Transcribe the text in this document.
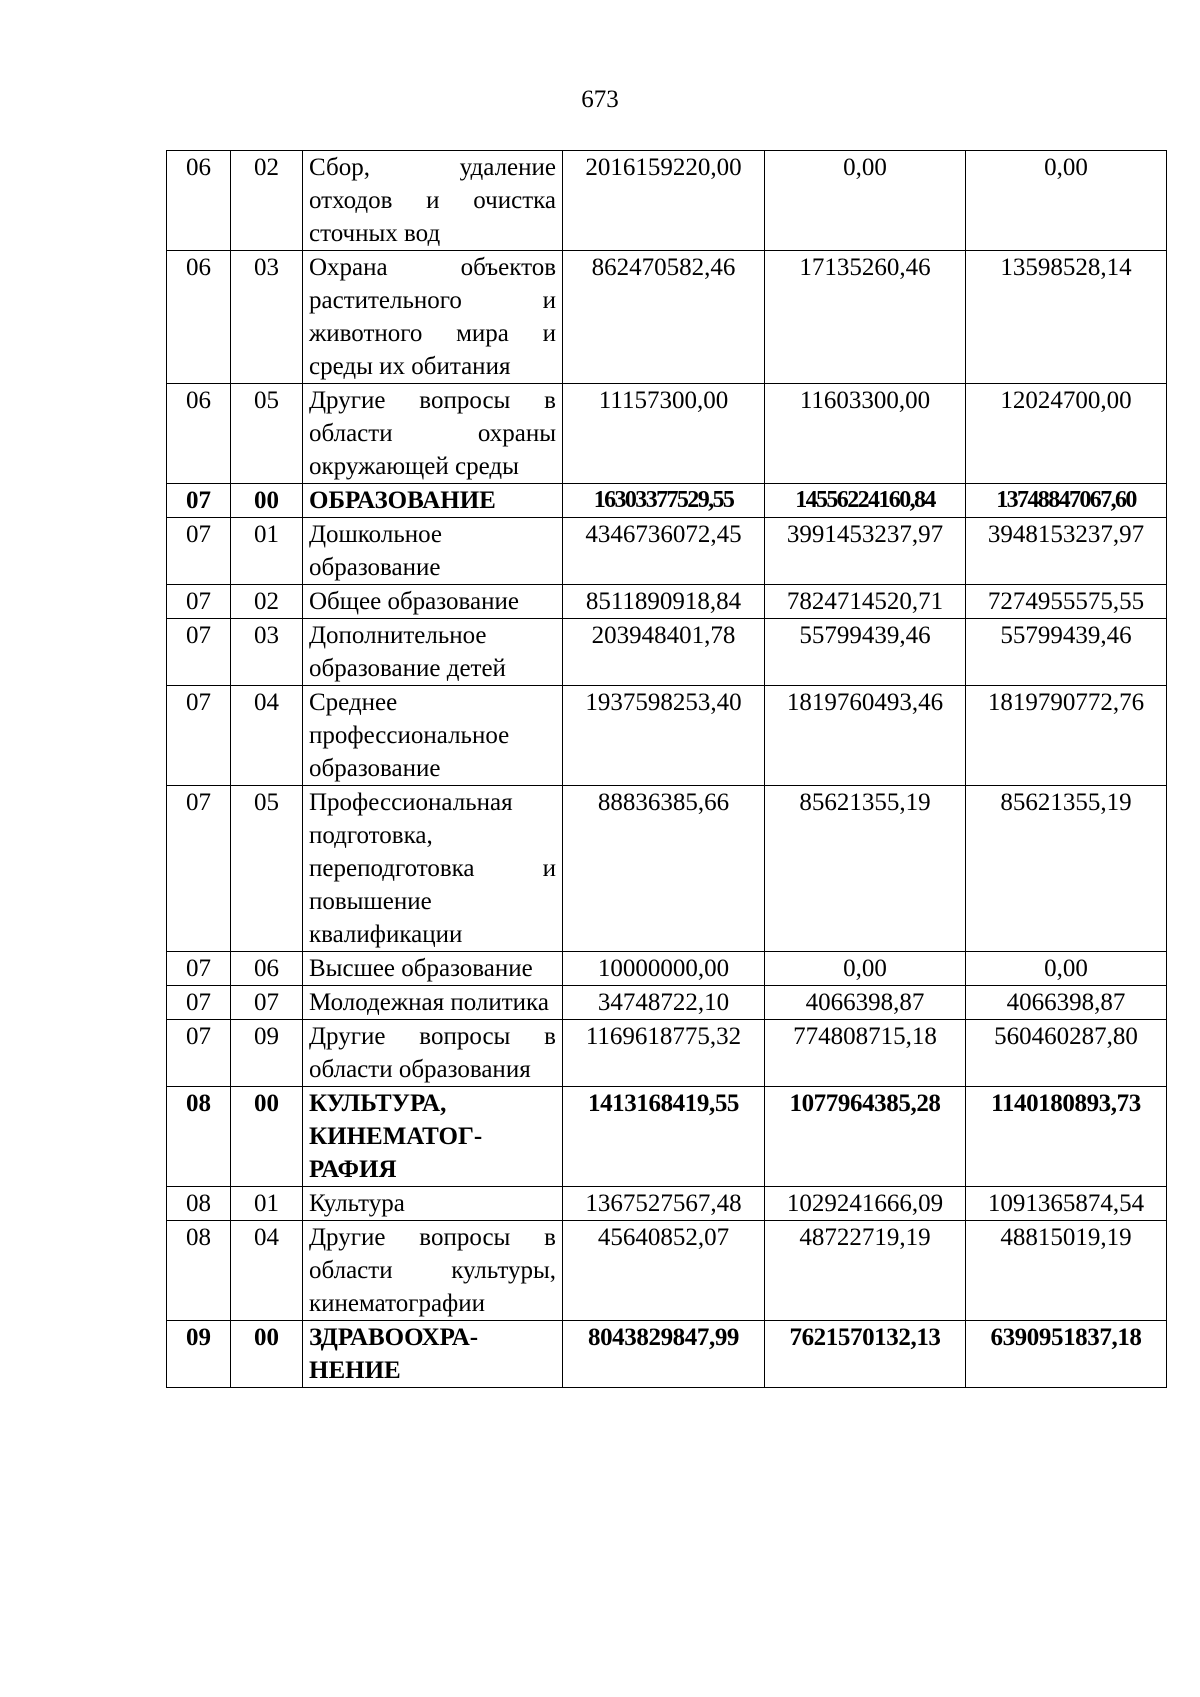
673
06	02	Сбор, удаление отходов и очистка сточных вод	2016159220,00	0,00	0,00
06	03	Охрана объектов растительного и животного мира и среды их обитания	862470582,46	17135260,46	13598528,14
06	05	Другие вопросы в области охраны окружающей среды	11157300,00	11603300,00	12024700,00
07	00	ОБРАЗОВАНИЕ	16303377529,55	14556224160,84	13748847067,60
07	01	Дошкольное образование	4346736072,45	3991453237,97	3948153237,97
07	02	Общее образование	8511890918,84	7824714520,71	7274955575,55
07	03	Дополнительное образование детей	203948401,78	55799439,46	55799439,46
07	04	Среднее профессиональное образование	1937598253,40	1819760493,46	1819790772,76
07	05	Профессиональная подготовка, переподготовка и повышение квалификации	88836385,66	85621355,19	85621355,19
07	06	Высшее образование	10000000,00	0,00	0,00
07	07	Молодежная политика	34748722,10	4066398,87	4066398,87
07	09	Другие вопросы в области образования	1169618775,32	774808715,18	560460287,80
08	00	КУЛЬТУРА, КИНЕМАТОГ-РАФИЯ	1413168419,55	1077964385,28	1140180893,73
08	01	Культура	1367527567,48	1029241666,09	1091365874,54
08	04	Другие вопросы в области культуры, кинематографии	45640852,07	48722719,19	48815019,19
09	00	ЗДРАВООХРА-НЕНИЕ	8043829847,99	7621570132,13	6390951837,18
